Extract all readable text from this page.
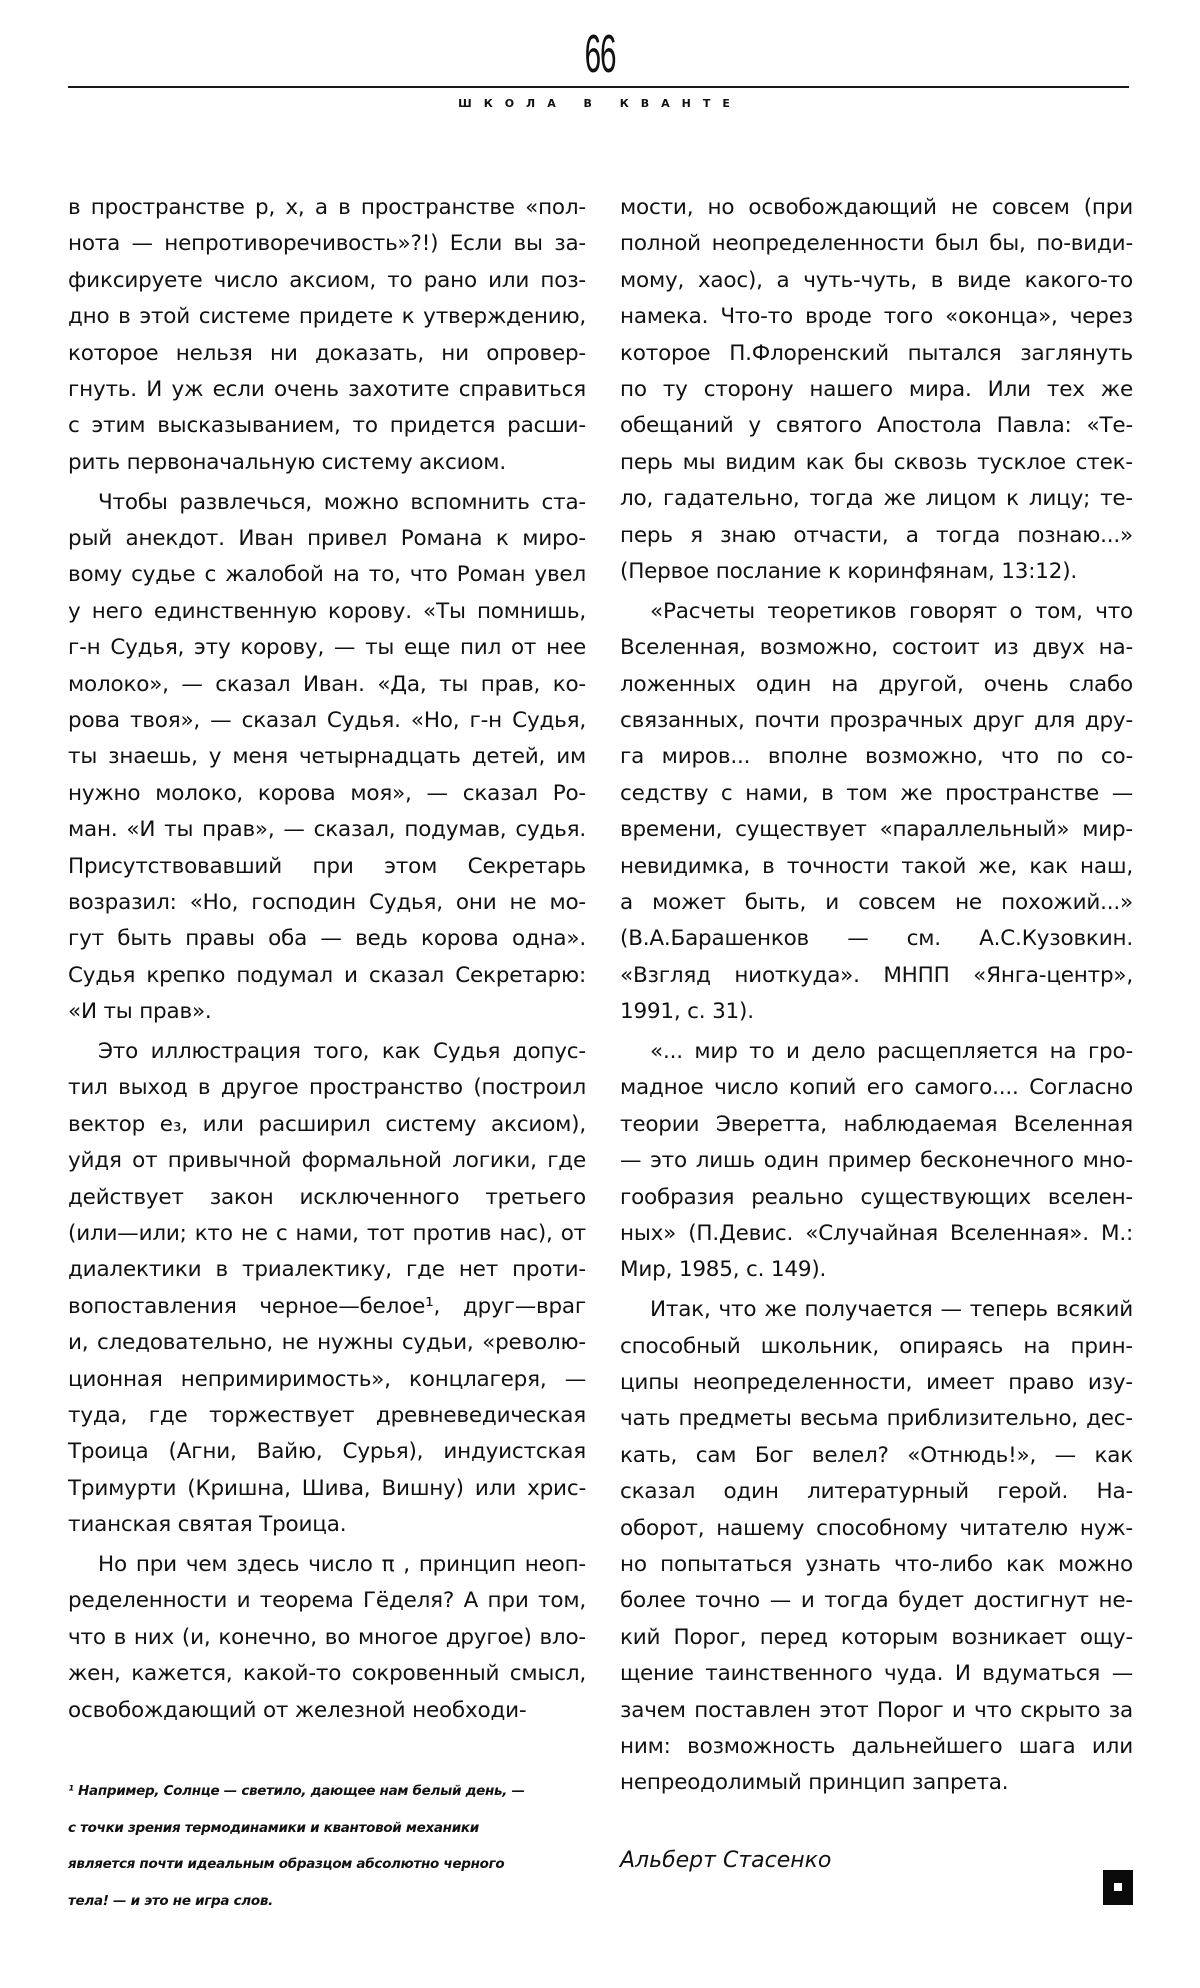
66
ШКОЛА В КВАНТЕ
в пространстве p, x, а в пространстве «пол-
нота — непротиворечивость»?!) Если вы за-
фиксируете число аксиом, то рано или поз-
дно в этой системе придете к утверждению,
которое нельзя ни доказать, ни опровер-
гнуть. И уж если очень захотите справиться
с этим высказыванием, то придется расши-
рить первоначальную систему аксиом.
Чтобы развлечься, можно вспомнить ста-
рый анекдот. Иван привел Романа к миро-
вому судье с жалобой на то, что Роман увел
у него единственную корову. «Ты помнишь,
г-н Судья, эту корову, — ты еще пил от нее
молоко», — сказал Иван. «Да, ты прав, ко-
рова твоя», — сказал Судья. «Но, г-н Судья,
ты знаешь, у меня четырнадцать детей, им
нужно молоко, корова моя», — сказал Ро-
ман. «И ты прав», — сказал, подумав, судья.
Присутствовавший при этом Секретарь
возразил: «Но, господин Судья, они не мо-
гут быть правы оба — ведь корова одна».
Судья крепко подумал и сказал Секретарю:
«И ты прав».
Это иллюстрация того, как Судья допус-
тил выход в другое пространство (построил
вектор e₃, или расширил систему аксиом),
уйдя от привычной формальной логики, где
действует закон исключенного третьего
(или—или; кто не с нами, тот против нас), от
диалектики в триалектику, где нет проти-
вопоставления черное—белое¹, друг—враг
и, следовательно, не нужны судьи, «револю-
ционная непримиримость», концлагеря, —
туда, где торжествует древневедическая
Троица (Агни, Вайю, Сурья), индуистская
Тримурти (Кришна, Шива, Вишну) или хрис-
тианская святая Троица.
Но при чем здесь число π , принцип неоп-
ределенности и теорема Гёделя? А при том,
что в них (и, конечно, во многое другое) вло-
жен, кажется, какой-то сокровенный смысл,
освобождающий от железной необходи-
мости, но освобождающий не совсем (при
полной неопределенности был бы, по-види-
мому, хаос), а чуть-чуть, в виде какого-то
намека. Что-то вроде того «оконца», через
которое П.Флоренский пытался заглянуть
по ту сторону нашего мира. Или тех же
обещаний у святого Апостола Павла: «Те-
перь мы видим как бы сквозь тусклое стек-
ло, гадательно, тогда же лицом к лицу; те-
перь я знаю отчасти, а тогда познаю...»
(Первое послание к коринфянам, 13:12).
«Расчеты теоретиков говорят о том, что
Вселенная, возможно, состоит из двух на-
ложенных один на другой, очень слабо
связанных, почти прозрачных друг для дру-
га миров... вполне возможно, что по со-
седству с нами, в том же пространстве —
времени, существует «параллельный» мир-
невидимка, в точности такой же, как наш,
а может быть, и совсем не похожий...»
(В.А.Барашенков — см. А.С.Кузовкин.
«Взгляд ниоткуда». МНПП «Янга-центр»,
1991, с. 31).
«... мир то и дело расщепляется на гро-
мадное число копий его самого.... Согласно
теории Эверетта, наблюдаемая Вселенная
— это лишь один пример бесконечного мно-
гообразия реально существующих вселен-
ных» (П.Девис. «Случайная Вселенная». М.:
Мир, 1985, с. 149).
Итак, что же получается — теперь всякий
способный школьник, опираясь на прин-
ципы неопределенности, имеет право изу-
чать предметы весьма приблизительно, дес-
кать, сам Бог велел? «Отнюдь!», — как
сказал один литературный герой. На-
оборот, нашему способному читателю нуж-
но попытаться узнать что-либо как можно
более точно — и тогда будет достигнут не-
кий Порог, перед которым возникает ощу-
щение таинственного чуда. И вдуматься —
зачем поставлен этот Порог и что скрыто за
ним: возможность дальнейшего шага или
непреодолимый принцип запрета.
¹ Например, Солнце — светило, дающее нам белый день, —
с точки зрения термодинамики и квантовой механики
является почти идеальным образцом абсолютно черного
тела! — и это не игра слов.
Альберт Стасенко
